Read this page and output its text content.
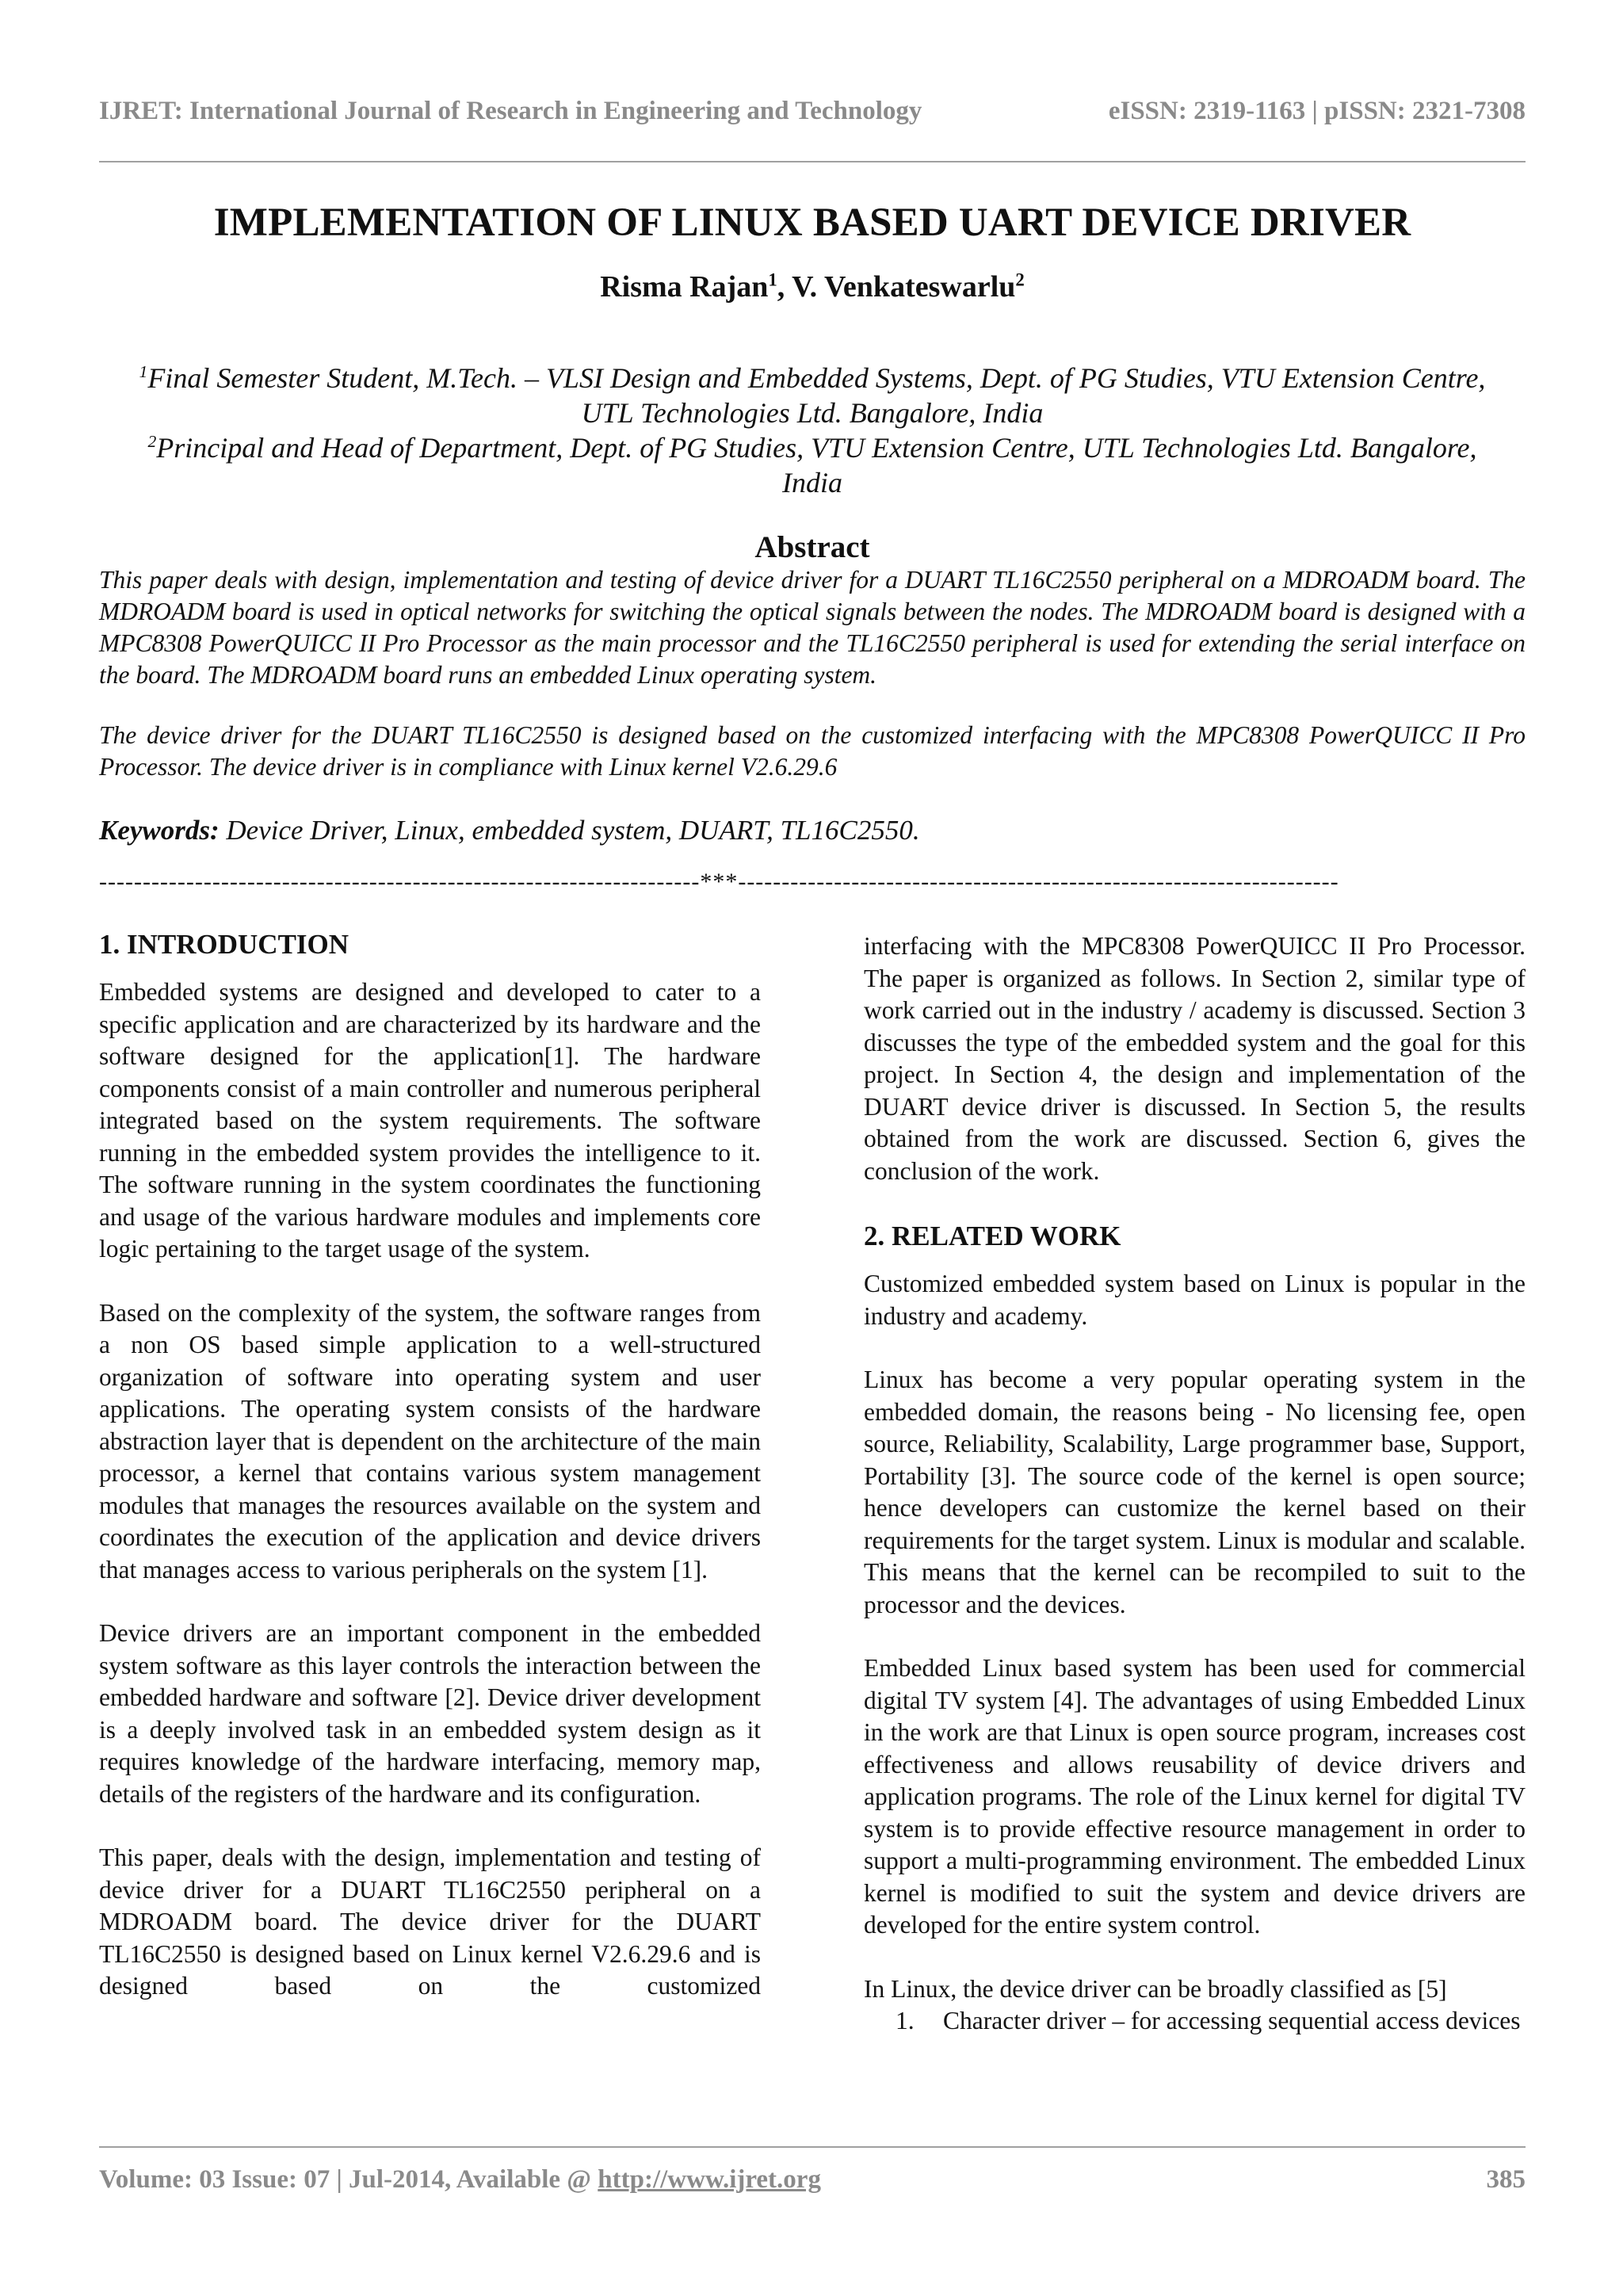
IJRET: International Journal of Research in Engineering and Technology	eISSN: 2319-1163 | pISSN: 2321-7308
IMPLEMENTATION OF LINUX BASED UART DEVICE DRIVER
Risma Rajan$^1$, V. Venkateswarlu$^2$
$^1$Final Semester Student, M.Tech. – VLSI Design and Embedded Systems, Dept. of PG Studies, VTU Extension Centre,
UTL Technologies Ltd. Bangalore, India
$^2$Principal and Head of Department, Dept. of PG Studies, VTU Extension Centre, UTL Technologies Ltd. Bangalore,
India
Abstract

This paper deals with design, implementation and testing of device driver for a DUART TL16C2550 peripheral on a MDROADM board. The MDROADM board is used in optical networks for switching the optical signals between the nodes. The MDROADM board is designed with a MPC8308 PowerQUICC II Pro Processor as the main processor and the TL16C2550 peripheral is used for extending the serial interface on the board. The MDROADM board runs an embedded Linux operating system.

The device driver for the DUART TL16C2550 is designed based on the customized interfacing with the MPC8308 PowerQUICC II Pro Processor. The device driver is in compliance with Linux kernel V2.6.29.6

Keywords: Device Driver, Linux, embedded system, DUART, TL16C2550.
---------------------------------------------------------------------***---------------------------------------------------------------------
1. INTRODUCTION

Embedded systems are designed and developed to cater to a specific application and are characterized by its hardware and the software designed for the application[1]. The hardware components consist of a main controller and numerous peripheral integrated based on the system requirements. The software running in the embedded system provides the intelligence to it. The software running in the system coordinates the functioning and usage of the various hardware modules and implements core logic pertaining to the target usage of the system.

Based on the complexity of the system, the software ranges from a non OS based simple application to a well-structured organization of software into operating system and user applications. The operating system consists of the hardware abstraction layer that is dependent on the architecture of the main processor, a kernel that contains various system management modules that manages the resources available on the system and coordinates the execution of the application and device drivers that manages access to various peripherals on the system [1].

Device drivers are an important component in the embedded system software as this layer controls the interaction between the embedded hardware and software [2]. Device driver development is a deeply involved task in an embedded system design as it requires knowledge of the hardware interfacing, memory map, details of the registers of the hardware and its configuration.

This paper, deals with the design, implementation and testing of device driver for a DUART TL16C2550 peripheral on a MDROADM board. The device driver for the DUART TL16C2550 is designed based on Linux kernel V2.6.29.6 and is designed based on the customized

interfacing with the MPC8308 PowerQUICC II Pro Processor. The paper is organized as follows. In Section 2, similar type of work carried out in the industry / academy is discussed. Section 3 discusses the type of the embedded system and the goal for this project. In Section 4, the design and implementation of the DUART device driver is discussed. In Section 5, the results obtained from the work are discussed. Section 6, gives the conclusion of the work.

2. RELATED WORK

Customized embedded system based on Linux is popular in the industry and academy.

Linux has become a very popular operating system in the embedded domain, the reasons being - No licensing fee, open source, Reliability, Scalability, Large programmer base, Support, Portability [3]. The source code of the kernel is open source; hence developers can customize the kernel based on their requirements for the target system. Linux is modular and scalable. This means that the kernel can be recompiled to suit to the processor and the devices.

Embedded Linux based system has been used for commercial digital TV system [4]. The advantages of using Embedded Linux in the work are that Linux is open source program, increases cost effectiveness and allows reusability of device drivers and application programs. The role of the Linux kernel for digital TV system is to provide effective resource management in order to support a multi-programming environment. The embedded Linux kernel is modified to suit the system and device drivers are developed for the entire system control.

In Linux, the device driver can be broadly classified as [5]

1.	Character driver – for accessing sequential access devices
Volume: 03 Issue: 07 | Jul-2014, Available @ http://www.ijret.org	385
